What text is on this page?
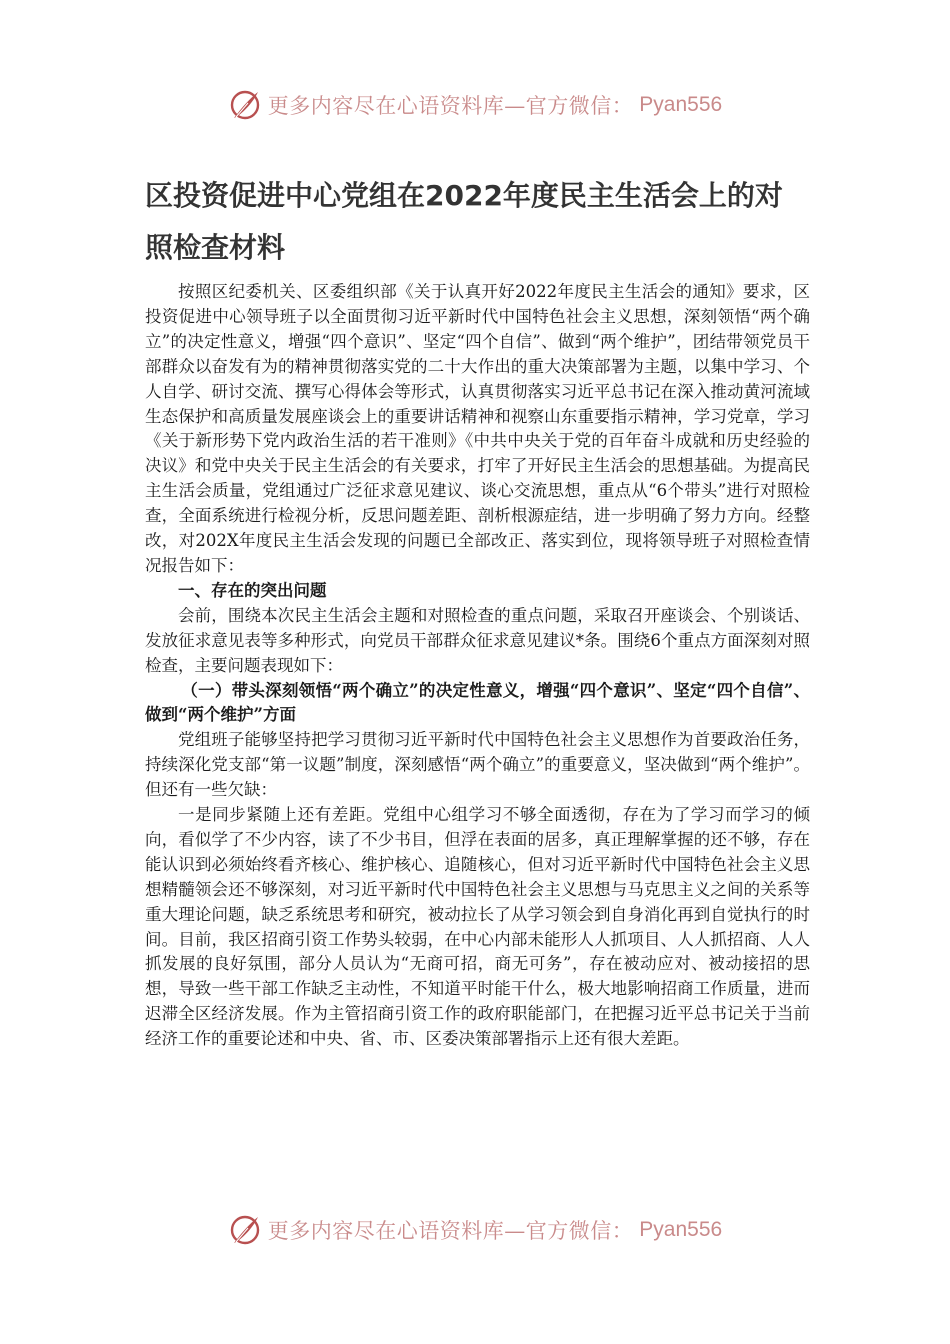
更多内容尽在心语资料库—官方微信： Pyan556
区投资促进中心党组在2022年度民主生活会上的对照检查材料

按照区纪委机关、区委组织部《关于认真开好2022年度民主生活会的通知》要求，区投资促进中心领导班子以全面贯彻习近平新时代中国特色社会主义思想，深刻领悟“两个确立”的决定性意义，增强“四个意识”、坚定“四个自信”、做到“两个维护”，团结带领党员干部群众以奋发有为的精神贯彻落实党的二十大作出的重大决策部署为主题，以集中学习、个人自学、研讨交流、撰写心得体会等形式，认真贯彻落实习近平总书记在深入推动黄河流域生态保护和高质量发展座谈会上的重要讲话精神和视察山东重要指示精神，学习党章，学习《关于新形势下党内政治生活的若干准则》《中共中央关于党的百年奋斗成就和历史经验的决议》和党中央关于民主生活会的有关要求，打牢了开好民主生活会的思想基础。为提高民主生活会质量，党组通过广泛征求意见建议、谈心交流思想，重点从“6个带头”进行对照检查，全面系统进行检视分析，反思问题差距、剖析根源症结，进一步明确了努力方向。经整改，对202X年度民主生活会发现的问题已全部改正、落实到位，现将领导班子对照检查情况报告如下：

一、存在的突出问题

会前，围绕本次民主生活会主题和对照检查的重点问题，采取召开座谈会、个别谈话、发放征求意见表等多种形式，向党员干部群众征求意见建议*条。围绕6个重点方面深刻对照检查，主要问题表现如下：

（一）带头深刻领悟“两个确立”的决定性意义，增强“四个意识”、坚定“四个自信”、做到“两个维护”方面

党组班子能够坚持把学习贯彻习近平新时代中国特色社会主义思想作为首要政治任务，持续深化党支部“第一议题”制度，深刻感悟“两个确立”的重要意义，坚决做到“两个维护”。但还有一些欠缺：

一是同步紧随上还有差距。党组中心组学习不够全面透彻，存在为了学习而学习的倾向，看似学了不少内容，读了不少书目，但浮在表面的居多，真正理解掌握的还不够，存在能认识到必须始终看齐核心、维护核心、追随核心，但对习近平新时代中国特色社会主义思想精髓领会还不够深刻，对习近平新时代中国特色社会主义思想与马克思主义之间的关系等重大理论问题，缺乏系统思考和研究，被动拉长了从学习领会到自身消化再到自觉执行的时间。目前，我区招商引资工作势头较弱，在中心内部未能形人人抓项目、人人抓招商、人人抓发展的良好氛围，部分人员认为“无商可招，商无可务”，存在被动应对、被动接招的思想，导致一些干部工作缺乏主动性，不知道平时能干什么，极大地影响招商工作质量，进而迟滞全区经济发展。作为主管招商引资工作的政府职能部门，在把握习近平总书记关于当前经济工作的重要论述和中央、省、市、区委决策部署指示上还有很大差距。

更多内容尽在心语资料库—官方微信： Pyan556
